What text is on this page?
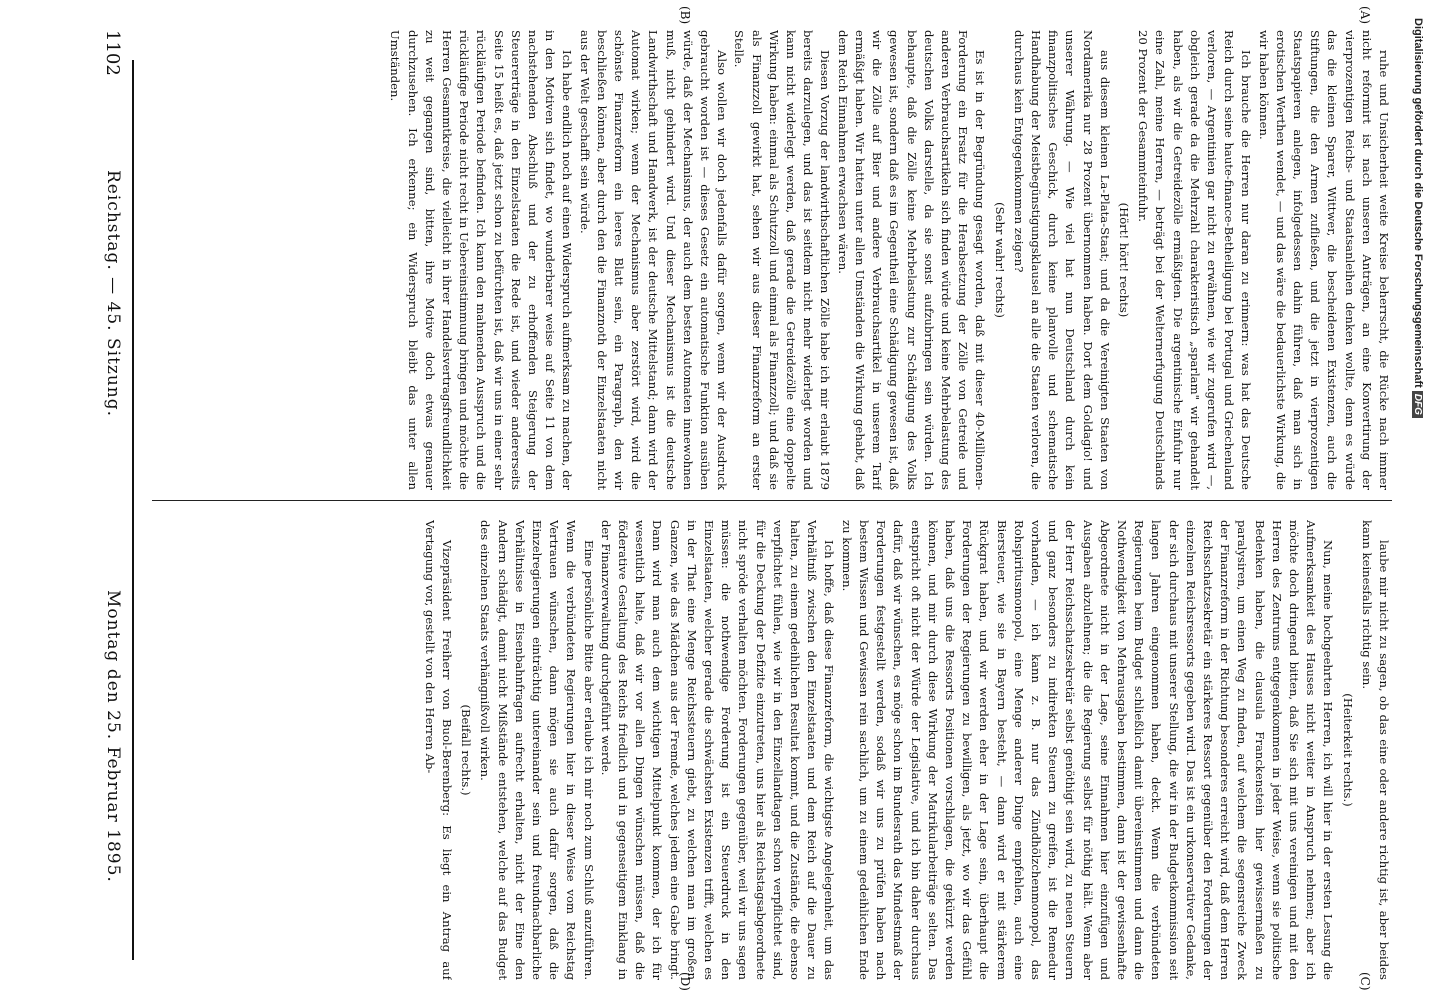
ruhe und Unsicherheit weite Kreise beherrscht, die Rücke nach immer nicht reformirt ist nach unseren Anträgen, an eine Konvertirung der vierprozentigen Reichs- und Staatsanleihen denken wollte, denn es würde das die kleinen Sparer, Wittwer, die bescheidenen Existenzen, auch die Stiftungen, die den Armen zufließen, und die jetzt in vierprozentigen Staatspapieren anlegen, infolgedessen dahin führen, daß man sich in erotischen Werthen wendet, — und das wäre die bedauerlichste Wirkung, die wir haben können.

Ich brauche die Herren nur daran zu erinnern: was hat das Deutsche Reich durch seine haute-finance-Betheiligung bei Portugal und Griechenland verloren, — Argentinien gar nicht zu erwähnen, wie wir zugerufen wird —, obgleich gerade da die Mehrzahl charakteristisch „sparlam" wir gehandelt haben, als wir die Getreidezölle ermäßigten. Die argentinische Einfuhr nur eine Zahl, meine Herren, — beträgt bei der Welternerfugung Deutschlands 20 Prozent der Gesammteinfuhr.

(Hört! hört! rechts)

aus diesem kleinen La-Plata-Staat; und da die Vereinigten Staaten von Nordamerika nur 28 Prozent übernommen haben. Dort dem Goldagio! und unserer Währung. — Wie viel hat nun Deutschland durch kein finanzpolitisches Geschick, durch keine planvolle und schematische Handhabung der Meistbegünstigungsklausel an alle die Staaten verloren, die durchaus kein Entgegenkommen zeigen?

(Sehr wahr! rechts)

Es ist in der Begründung gesagt worden, daß mit dieser 40-Millionen-Forderung ein Ersatz für die Herabsetzung der Zölle von Getreide und anderen Verbrauchsartikeln sich finden würde und keine Mehrbelastung des deutschen Volks darstelle, da sie sonst aufzubringen sein würden. Ich behaupte, daß die Zölle keine Mehrbelastung zur Schädigung des Volks gewesen ist, sondern daß es im Gegentheil eine Schädigung gewesen ist, daß wir die Zölle auf Bier und andere Verbrauchsartikel in unserem Tarif ermäßigt haben. Wir hatten unter allen Umständen die Wirkung gehabt, daß dem Reich Einnahmen erwachsen wären.

Diesen Vorzug der landwirthschaftlichen Zölle habe ich mir erlaubt 1879 bereits darzulegen, und das ist seitdem nicht mehr widerlegt worden und kann nicht widerlegt werden, daß gerade die Getreidezölle eine doppelte Wirkung haben: einmal als Schutzzoll und einmal als Finanzzoll; und daß sie als Finanzzoll gewirkt hat, sehen wir aus dieser Finanzreform an erster Stelle.

Also wollen wir doch jedenfalls dafür sorgen, wenn wir der Ausdruck gebraucht worden ist — dieses Gesetz ein automatische Funktion ausüben würde, daß der Mechanismus, der auch dem besten Automaten innewohnen muß, nicht gehindert wird. Und dieser Mechanismus ist die deutsche Landwirthschaft und Handwerk, ist der deutsche Mittelstand; dann wird der Automat wirken; wenn der Mechanismus aber zerstört wird, wird die schönste Finanzreform ein leeres Blatt sein, ein Paragraph, den wir beschließen können, aber durch den die Finanznoth der Einzelstaaten nicht aus der Welt geschafft sein würde.

Ich habe endlich noch auf einen Widerspruch aufmerksam zu machen, der in den Motiven sich findet, wo wunderbarer weise auf Seite 11 von dem nachstehenden Abschluß und der zu erhoffenden Steigerung der Steuererträge in den Einzelstaaten die Rede ist, und wieder andererseits Seite 15 heißt es, daß jetzt schon zu befürchten ist, daß wir uns in einer sehr rückläufigen Periode befinden. Ich kann den mahnenden Ausspruch und die rückläufige Periode nicht recht in Uebereinstimmung bringen und möchte die Herren Gesammtkreise, die vielleicht in ihrer Handelsvertragsfreundlichkeit zu weit gegangen sind, bitten, ihre Motive doch etwas genauer durchzusehen. Ich erkenne; ein Widerspruch bleibt das unter allen Umständen.

laube mir nicht zu sagen, ob das eine oder andere richtig ist, aber beides kann keinesfalls richtig sein.

(Heiterkeit rechts.)

Nun, meine hochgeehrten Herren, ich will hier in der ersten Lesung die Aufmerksamkeit des Hauses nicht weiter in Anspruch nehmen; aber ich möchte doch dringend bitten, daß Sie sich mit uns vereinigen und mit den Herren des Zentrums entgegenkommen in jeder Weise, wenn sie politische Bedenken haben, die clausula Franckenstein hier gewissermaßen zu paralysiren, um einen Weg zu finden, auf welchem die segensreiche Zweck der Finanzreform in der Richtung besonderes erreicht wird, daß dem Herren Reichsschatzsekretär ein stärkeres Ressort gegenüber den Forderungen der einzelnen Reichsressorts gegeben wird. Das ist ein urkonservativer Gedanke, der sich durchaus mit unserer Stellung, die wir in der Budgetkommission seit langen Jahren eingenommen haben, deckt. Wenn die verbündeten Regierungen beim Budget schließlich damit übereinstimmen und dann die Nothwendigkeit von Mehrausgaben bestimmen, dann ist der gewissenhafte Abgeordnete nicht in der Lage, seine Einnahmen hier einzufügen und Ausgaben abzulehnen; die die Regierung selbst für nöthig hält. Wenn aber der Herr Reichsschatzsekretär selbst genöthigt sein wird, zu neuen Steuern und ganz besonders zu indirekten Steuern zu greifen, ist die Remedur vorhanden, — ich kann z. B. nur das Zündhölzchenmonopol, das Rohspiritusmonopol, eine Menge anderer Dinge empfehlen, auch eine Biersteuer, wie sie in Bayern besteht, — dann wird er mit stärkerem Rückgrat haben, und wir werden eher in der Lage sein, überhaupt die Forderungen der Regierungen zu bewilligen, als jetzt, wo wir das Gefühl haben, daß uns die Ressorts Positionen vorschlagen, die gekürzt werden können, und mir durch diese Wirkung der Matrikularbeiträge selten. Das entspricht oft nicht der Würde der Legislative, und ich bin daher durchaus dafür, daß wir wünschen, es möge schon im Bundesrath das Mindestmaß der Forderungen festgestellt werden, sodaß wir uns zu prüfen haben nach bestem Wissen und Gewissen rein sachlich, um zu einem gedeihlichen Ende zu kommen.

Ich hoffe, daß diese Finanzreform, die wichtigste Angelegenheit, um das Verhältniß zwischen den Einzelstaaten und dem Reich auf die Dauer zu halten, zu einem gedeihlichen Resultat kommt, und die Zustände, die ebenso verpflichtet fühlen, wie wir in den Einzellandtagen schon verpflichtet sind, für die Deckung der Defizite einzutreten, uns hier als Reichstagsabgeordnete nicht spröde verhalten möchten. Forderungen gegenüber, weil wir uns sagen müssen: die nothwendige Forderung ist ein Steuerdruck in den Einzelstaaten, welcher gerade die schwächsten Existenzen trifft, welchen es in der That eine Menge Reichssteuern giebt, zu welchen man im großen Ganzen, wie das Mädchen aus der Fremde, welches jedem eine Gabe bringt. Dann wird man auch dem wichtigen Mittelpunkt kommen, der ich für wesentlich halte, daß wir vor allen Dingen wünschen müssen, daß die föderative Gestaltung des Reichs friedlich und in gegenseitigem Einklang in der Finanzverwaltung durchgeführt werde.

Eine persönliche Bitte aber erlaube ich mir noch zum Schluß anzuführen. Wenn die verbündeten Regierungen hier in dieser Weise vom Reichstag Vertrauen wünschen, dann mögen sie auch dafür sorgen, daß die Einzelregierungen einträchtig untereinander sein und freundnachbarliche Verhältnisse in Eisenbahnfragen aufrecht erhalten, nicht der Eine den Andern schädigt, damit nicht Mißstände entstehen, welche auf das Budget des einzelnen Staats verhängnißvoll wirken.

(Beifall rechts.)

Vizepräsident Freiherr von Buol-Berenberg: Es liegt ein Antrag auf Vertagung vor, gestellt von den Herren Ab-

(A)
(B)
(C)
(D)
1102
Reichstag. — 45. Sitzung.
Montag den 25. Februar 1895.
Digitalisierung gefördert durch die Deutsche ForschungsgemeinschaftDFG
